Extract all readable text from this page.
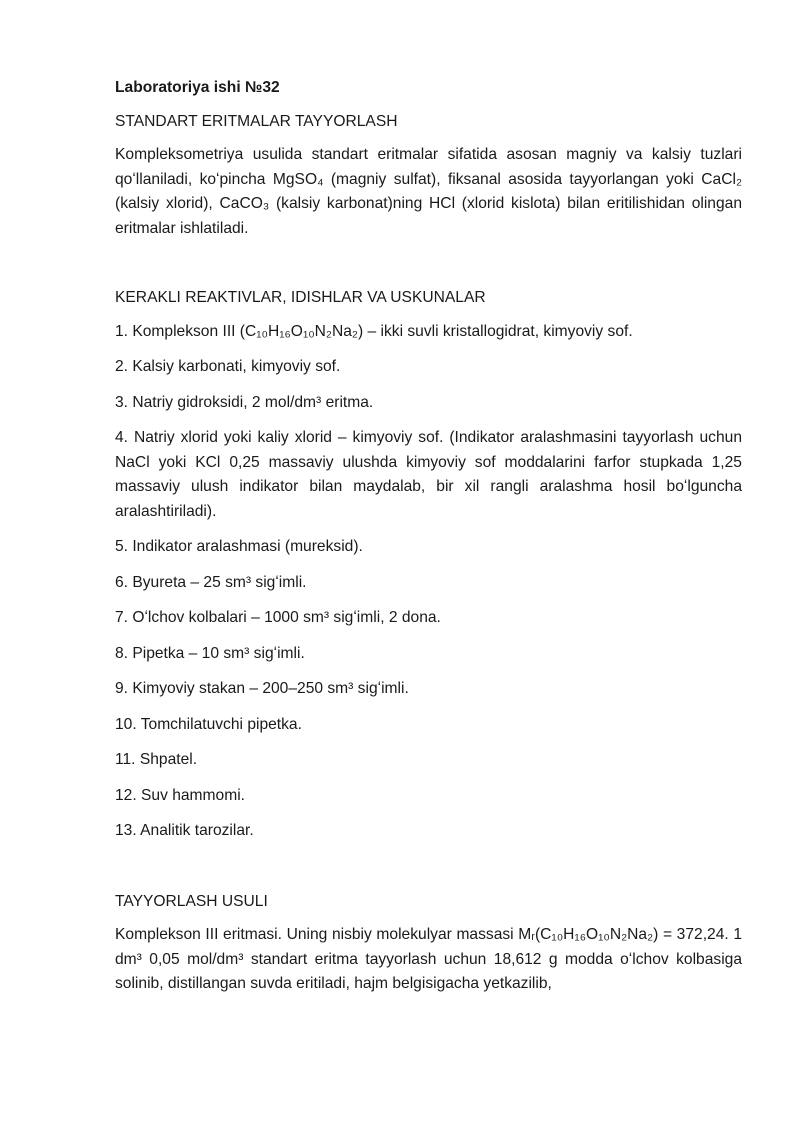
Laboratoriya ishi №32

STANDART ERITMALAR TAYYORLASH

Kompleksometriya usulida standart eritmalar sifatida asosan magniy va kalsiy tuzlari qoʻllaniladi, koʻpincha MgSO₄ (magniy sulfat), fiksanal asosida tayyorlangan yoki CaCl₂ (kalsiy xlorid), CaCO₃ (kalsiy karbonat)ning HCl (xlorid kislota) bilan eritilishidan olingan eritmalar ishlatiladi.

KERAKLI REAKTIVLAR, IDISHLAR VA USKUNALAR

1. Komplekson III (C₁₀H₁₆O₁₀N₂Na₂) – ikki suvli kristallogidrat, kimyoviy sof.

2. Kalsiy karbonati, kimyoviy sof.

3. Natriy gidroksidi, 2 mol/dm³ eritma.

4. Natriy xlorid yoki kaliy xlorid – kimyoviy sof. (Indikator aralashmasini tayyorlash uchun NaCl yoki KCl 0,25 massaviy ulushda kimyoviy sof moddalarini farfor stupkada 1,25 massaviy ulush indikator bilan maydalab, bir xil rangli aralashma hosil boʻlguncha aralashtiriladi).

5. Indikator aralashmasi (mureksid).

6. Byureta – 25 sm³ sigʻimli.

7. Oʻlchov kolbalari – 1000 sm³ sigʻimli, 2 dona.

8. Pipetka – 10 sm³ sigʻimli.

9. Kimyoviy stakan – 200–250 sm³ sigʻimli.

10. Tomchilatuvchi pipetka.

11. Shpatel.

12. Suv hammomi.

13. Analitik tarozilar.

TAYYORLASH USULI

Komplekson III eritmasi. Uning nisbiy molekulyar massasi Mᵣ(C₁₀H₁₆O₁₀N₂Na₂) = 372,24. 1 dm³ 0,05 mol/dm³ standart eritma tayyorlash uchun 18,612 g modda oʻlchov kolbasiga solinib, distillangan suvda eritiladi, hajm belgisigacha yetkazilib,
